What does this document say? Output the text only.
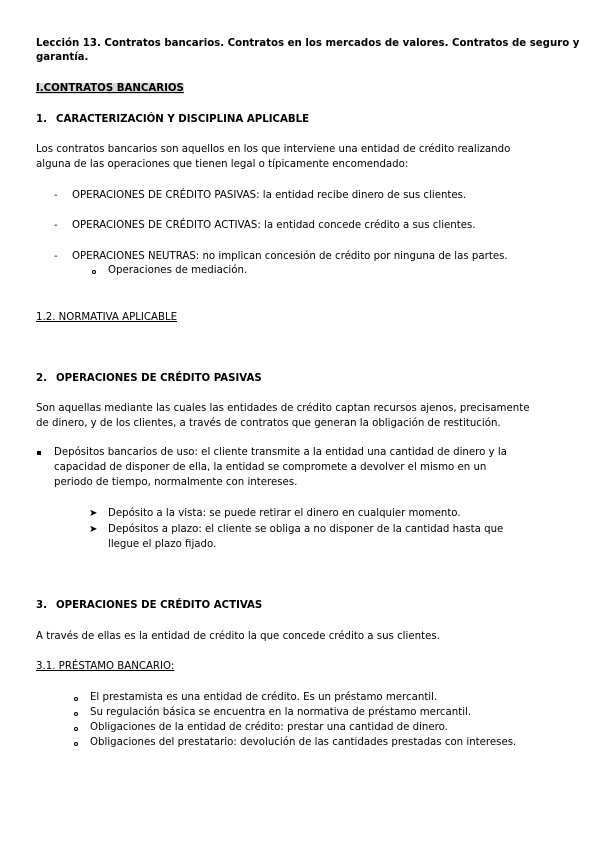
Lección 13. Contratos bancarios. Contratos en los mercados de valores. Contratos de seguro y
garantía.
I.CONTRATOS BANCARIOS
1. CARACTERIZACIÓN Y DISCIPLINA APLICABLE
Los contratos bancarios son aquellos en los que interviene una entidad de crédito realizando
alguna de las operaciones que tienen legal o típicamente encomendado:
- OPERACIONES DE CRÉDITO PASIVAS: la entidad recibe dinero de sus clientes.
- OPERACIONES DE CRÉDITO ACTIVAS: la entidad concede crédito a sus clientes.
- OPERACIONES NEUTRAS: no implican concesión de crédito por ninguna de las partes.
Operaciones de mediación.
1.2. NORMATIVA APLICABLE
2. OPERACIONES DE CRÉDITO PASIVAS
Son aquellas mediante las cuales las entidades de crédito captan recursos ajenos, precisamente
de dinero, y de los clientes, a través de contratos que generan la obligación de restitución.
Depósitos bancarios de uso: el cliente transmite a la entidad una cantidad de dinero y la
capacidad de disponer de ella, la entidad se compromete a devolver el mismo en un
periodo de tiempo, normalmente con intereses.
➤ Depósito a la vista: se puede retirar el dinero en cualquier momento.
➤ Depósitos a plazo: el cliente se obliga a no disponer de la cantidad hasta que
llegue el plazo fijado.
3. OPERACIONES DE CRÉDITO ACTIVAS
A través de ellas es la entidad de crédito la que concede crédito a sus clientes.
3.1. PRÉSTAMO BANCARIO:
El prestamista es una entidad de crédito. Es un préstamo mercantil.
Su regulación básica se encuentra en la normativa de préstamo mercantil.
Obligaciones de la entidad de crédito: prestar una cantidad de dinero.
Obligaciones del prestatario: devolución de las cantidades prestadas con intereses.
